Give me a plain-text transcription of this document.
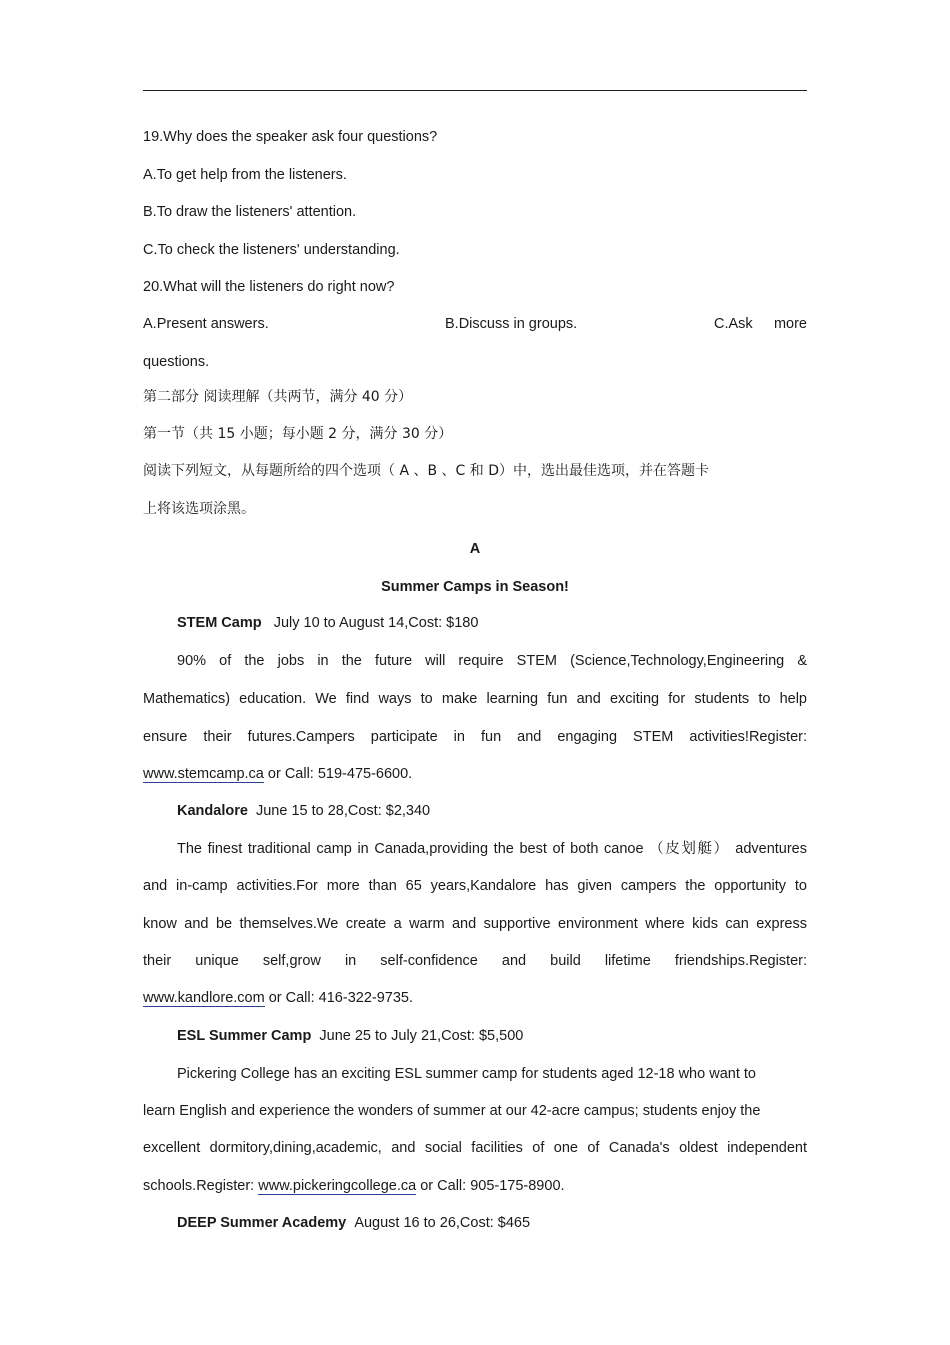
19.Why does the speaker ask four questions?
A.To get help from the listeners.
B.To draw the listeners' attention.
C.To check the listeners' understanding.
20.What will the listeners do right now?
A.Present answers.	B.Discuss in groups.	C.Ask more
questions.
第二部分 阅读理解（共两节，满分 40 分）
第一节（共 15 小题；每小题 2 分，满分 30 分）
阅读下列短文，从每题所给的四个选项（ A 、B 、C 和 D）中，选出最佳选项，并在答题卡
上将该选项涂黑。
A
Summer Camps in Season!
STEM Camp July 10 to August 14,Cost: $180
90% of the jobs in the future will require STEM (Science,Technology,Engineering &
Mathematics) education. We find ways to make learning fun and exciting for students to help
ensure their futures.Campers participate in fun and engaging STEM activities!Register:
www.stemcamp.ca or Call: 519-475-6600.
Kandalore June 15 to 28,Cost: $2,340
The finest traditional camp in Canada,providing the best of both canoe （皮划艇） adventures
and in-camp activities.For more than 65 years,Kandalore has given campers the opportunity to
know and be themselves.We create a warm and supportive environment where kids can express
their unique self,grow in self-confidence and build lifetime friendships.Register:
www.kandlore.com or Call: 416-322-9735.
ESL Summer Camp June 25 to July 21,Cost: $5,500
Pickering College has an exciting ESL summer camp for students aged 12-18 who want to
learn English and experience the wonders of summer at our 42-acre campus; students enjoy the
excellent dormitory,dining,academic, and social facilities of one of Canada's oldest independent
schools.Register: www.pickeringcollege.ca or Call: 905-175-8900.
DEEP Summer Academy August 16 to 26,Cost: $465
